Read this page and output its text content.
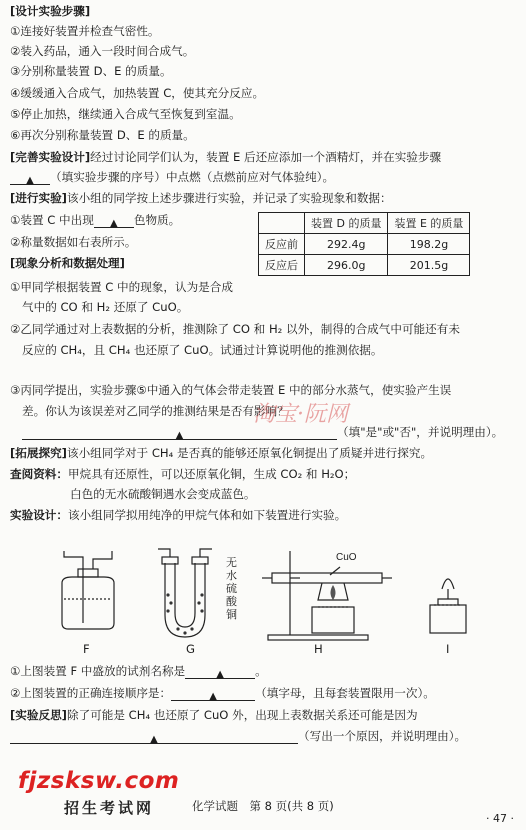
[设计实验步骤]
①连接好装置并检查气密性。
②装入药品，通入一段时间合成气。
③分别称量装置 D、E 的质量。
④缓缓通入合成气，加热装置 C，使其充分反应。
⑤停止加热，继续通入合成气至恢复到室温。
⑥再次分别称量装置 D、E 的质量。
[完善实验设计]经过讨论同学们认为，装置 E 后还应添加一个酒精灯，并在实验步骤
▲ （填实验步骤的序号）中点燃（点燃前应对气体验纯）。
[进行实验]该小组的同学按上述步骤进行实验，并记录了实验现象和数据：
①装置 C 中出现 ▲ 色物质。
②称量数据如右表所示。
	装置 D 的质量	装置 E 的质量
反应前	292.4g	198.2g
反应后	296.0g	201.5g
[现象分析和数据处理]
①甲同学根据装置 C 中的现象，认为是合成
气中的 CO 和 H₂ 还原了 CuO。
②乙同学通过对上表数据的分析，推测除了 CO 和 H₂ 以外，制得的合成气中可能还有未
反应的 CH₄，且 CH₄ 也还原了 CuO。试通过计算说明他的推测依据。
③丙同学提出，实验步骤⑤中通入的气体会带走装置 E 中的部分水蒸气，使实验产生误
差。你认为该误差对乙同学的推测结果是否有影响？
▲	（填"是"或"否"，并说明理由）。
淘宝·阮网
[拓展探究]该小组同学对于 CH₄ 是否真的能够还原氧化铜提出了质疑并进行探究。
查阅资料：甲烷具有还原性，可以还原氧化铜，生成 CO₂ 和 H₂O；
白色的无水硫酸铜遇水会变成蓝色。
实验设计：该小组同学拟用纯净的甲烷气体和如下装置进行实验。
CuO
无
水
硫
酸
铜
F	G	H	I
①上图装置 F 中盛放的试剂名称是	▲	。
②上图装置的正确连接顺序是：	▲	（填字母，且每套装置限用一次）。
[实验反思]除了可能是 CH₄ 也还原了 CuO 外，出现上表数据关系还可能是因为
▲	（写出一个原因，并说明理由）。
fjzsksw.com
招生考试网	化学试题　第 8 页(共 8 页)
· 47 ·
